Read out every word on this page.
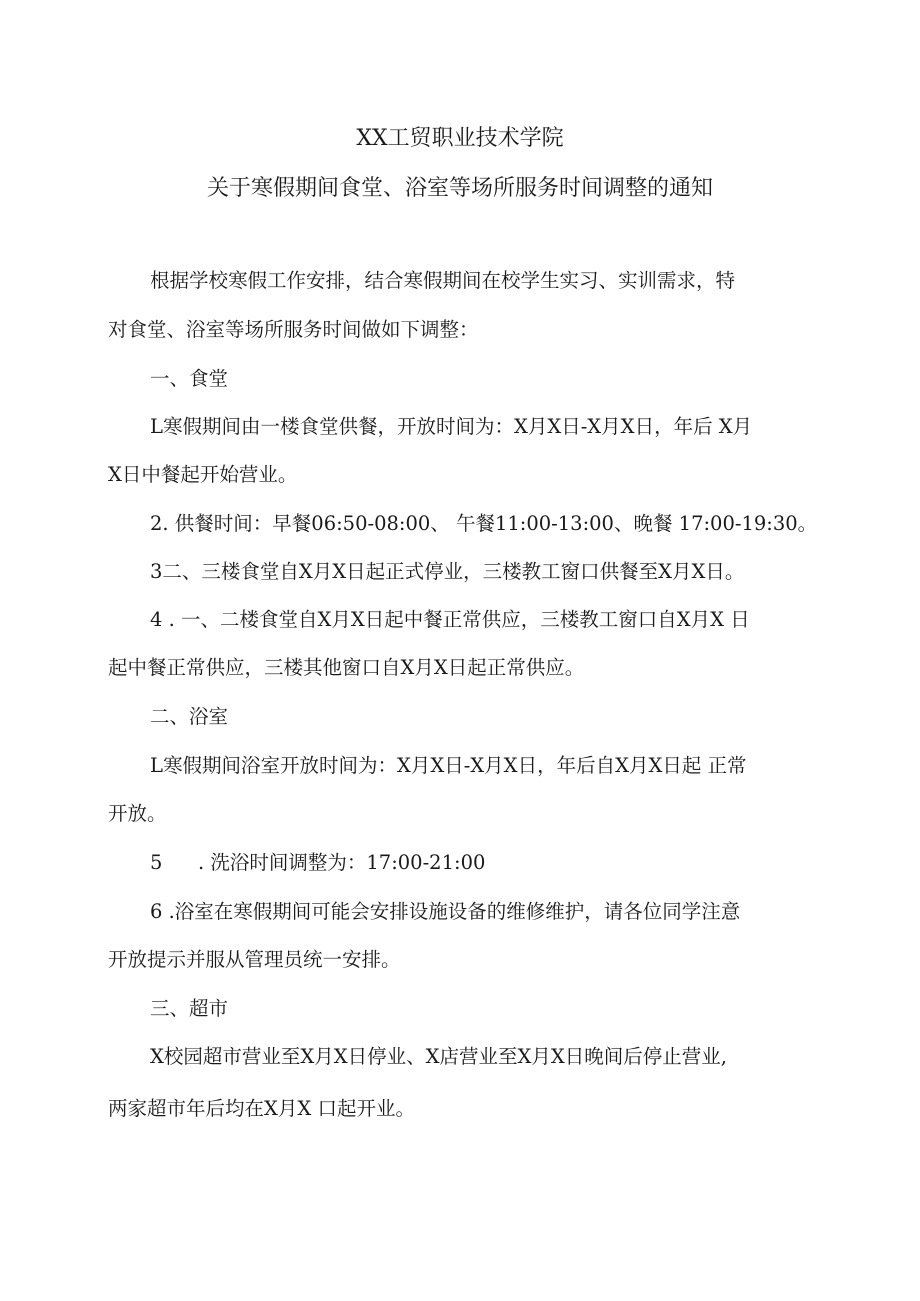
XX工贸职业技术学院
关于寒假期间食堂、浴室等场所服务时间调整的通知
根据学校寒假工作安排，结合寒假期间在校学生实习、实训需求，特
对食堂、浴室等场所服务时间做如下调整：
一、食堂
L寒假期间由一楼食堂供餐，开放时间为：X月X日-X月X日，年后 X月
X日中餐起开始营业。
2. 供餐时间：早餐06:50-08:00、 午餐11:00-13:00、晚餐 17:00-19:30。
3二、三楼食堂自X月X日起正式停业，三楼教工窗口供餐至X月X日。
4 . 一、二楼食堂自X月X日起中餐正常供应，三楼教工窗口自X月X 日
起中餐正常供应，三楼其他窗口自X月X日起正常供应。
二、浴室
L寒假期间浴室开放时间为：X月X日-X月X日，年后自X月X日起 正常
开放。
5 . 洗浴时间调整为：17:00-21:00
6 .浴室在寒假期间可能会安排设施设备的维修维护，请各位同学注意
开放提示并服从管理员统一安排。
三、超市
X校园超市营业至X月X日停业、X店营业至X月X日晚间后停止营业,
两家超市年后均在X月X 口起开业。
